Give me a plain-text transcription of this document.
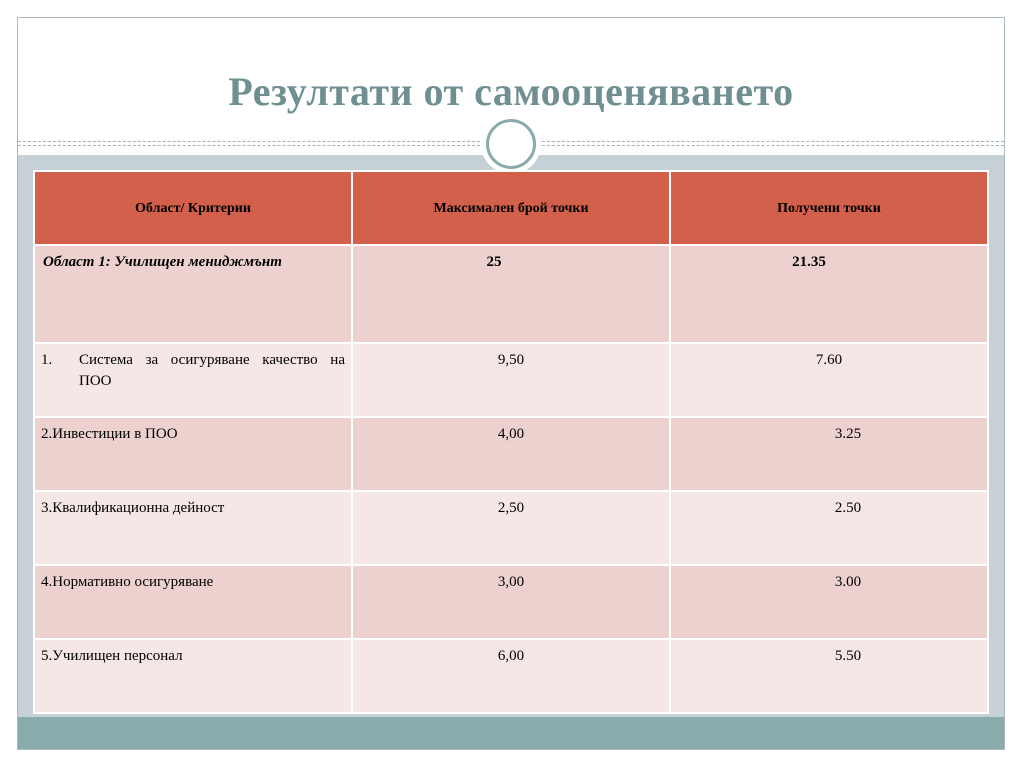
Резултати от самооценяването
Област/ Критерии	Максимален брой точки	Получени точки
Област 1: Училищен мениджмънт	25	21.35

1. Система за осигуряване качество на ПОО	9,50	7.60
2.Инвестиции в ПОО	4,00	3.25
3.Квалификационна дейност	2,50	2.50
4.Нормативно осигуряване	3,00	3.00
5.Училищен персонал	6,00	5.50
